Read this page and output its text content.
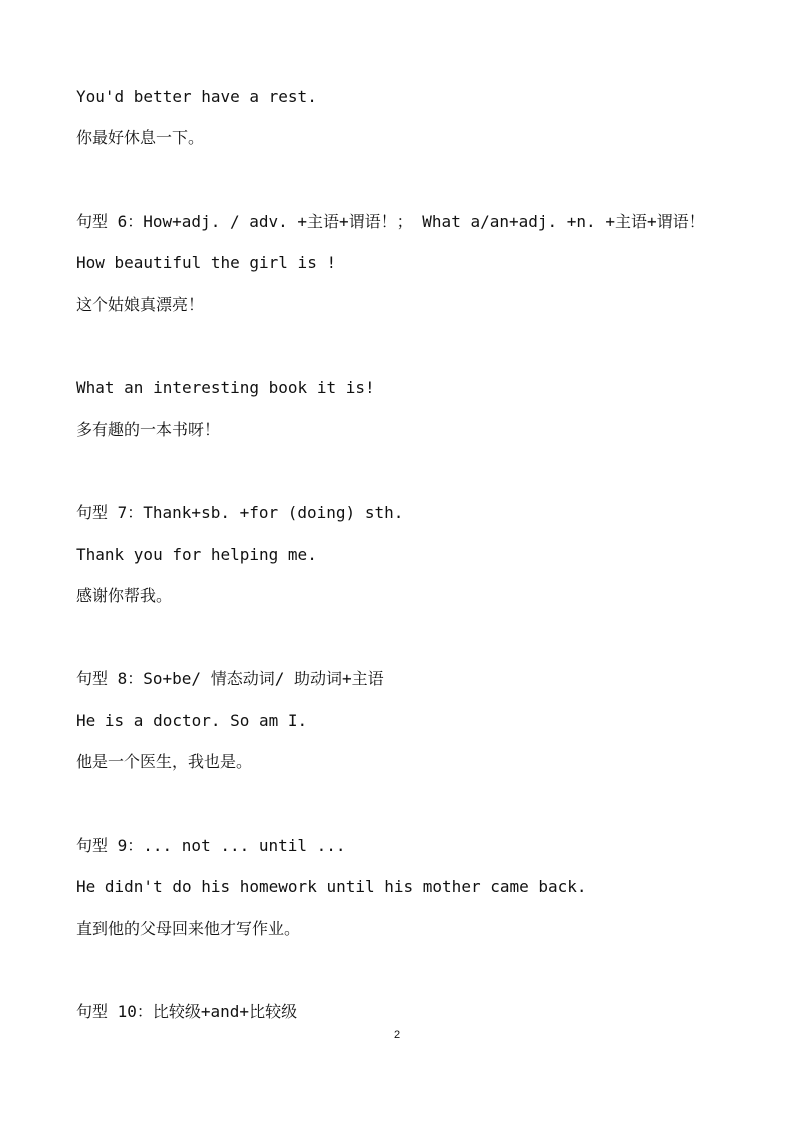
You'd better have a rest.
你最好休息一下。
句型 6：How+adj. / adv. +主语+谓语！； What a/an+adj. +n. +主语+谓语！
How beautiful the girl is !
这个姑娘真漂亮！
What an interesting book it is!
多有趣的一本书呀！
句型 7：Thank+sb. +for (doing) sth.
Thank you for helping me.
感谢你帮我。
句型 8：So+be/ 情态动词/ 助动词+主语
He is a doctor. So am I.
他是一个医生，我也是。
句型 9：... not ... until ...
He didn't do his homework until his mother came back.
直到他的父母回来他才写作业。
句型 10：比较级+and+比较级
2
